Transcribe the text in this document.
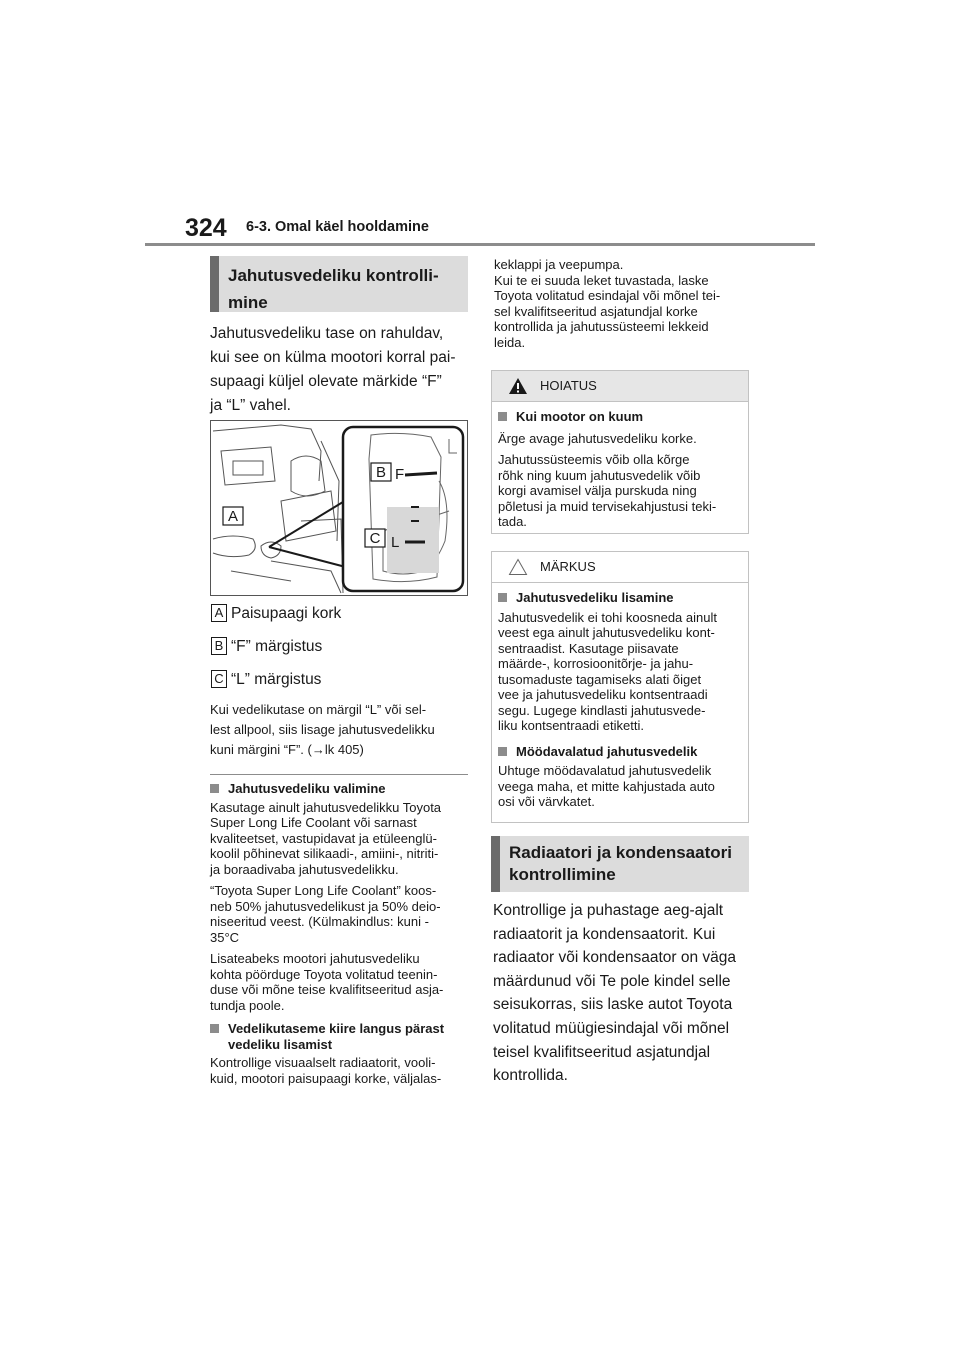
324 6-3. Omal käel hooldamine
Jahutusvedeliku kontrolli-mine
Jahutusvedeliku tase on rahuldav,
kui see on külma mootori korral pai-
supaagi küljel olevate märkide “F”
ja “L” vahel.
A
B
C
F
L
A Paisupaagi kork
B “F” märgistus
C “L” märgistus
Kui vedelikutase on märgil “L” või sel-
lest allpool, siis lisage jahutusvedelikku
kuni märgini “F”. (→lk 405)
Jahutusvedeliku valimine
Kasutage ainult jahutusvedelikku Toyota
Super Long Life Coolant või sarnast
kvaliteetset, vastupidavat ja etüleenglü-
koolil põhinevat silikaadi-, amiini-, nitriti-
ja boraadivaba jahutusvedelikku.
“Toyota Super Long Life Coolant” koos-
neb 50% jahutusvedelikust ja 50% deio-
niseeritud veest. (Külmakindlus: kuni -
35°C
Lisateabeks mootori jahutusvedeliku
kohta pöörduge Toyota volitatud teenin-
duse või mõne teise kvalifitseeritud asja-
tundja poole.
Vedelikutaseme kiire langus pärast
vedeliku lisamist
Kontrollige visuaalselt radiaatorit, vooli-
kuid, mootori paisupaagi korke, väljalas-
keklappi ja veepumpa.
Kui te ei suuda leket tuvastada, laske
Toyota volitatud esindajal või mõnel tei-
sel kvalifitseeritud asjatundjal korke
kontrollida ja jahutussüsteemi lekkeid
leida.
HOIATUS
Kui mootor on kuum
Ärge avage jahutusvedeliku korke.
Jahutussüsteemis võib olla kõrge
rõhk ning kuum jahutusvedelik võib
korgi avamisel välja purskuda ning
põletusi ja muid tervisekahjustusi teki-
tada.
MÄRKUS
Jahutusvedeliku lisamine
Jahutusvedelik ei tohi koosneda ainult
veest ega ainult jahutusvedeliku kont-
sentraadist. Kasutage piisavate
määrde-, korrosioonitõrje- ja jahu-
tusomaduste tagamiseks alati õiget
vee ja jahutusvedeliku kontsentraadi
segu. Lugege kindlasti jahutusvede-
liku kontsentraadi etiketti.
Möödavalatud jahutusvedelik
Uhtuge möödavalatud jahutusvedelik
veega maha, et mitte kahjustada auto
osi või värvkatet.
Radiaatori ja kondensaatori
kontrollimine
Kontrollige ja puhastage aeg-ajalt
radiaatorit ja kondensaatorit. Kui
radiaator või kondensaator on väga
määrdunud või Te pole kindel selle
seisukorras, siis laske autot Toyota
volitatud müügiesindajal või mõnel
teisel kvalifitseeritud asjatundjal
kontrollida.
